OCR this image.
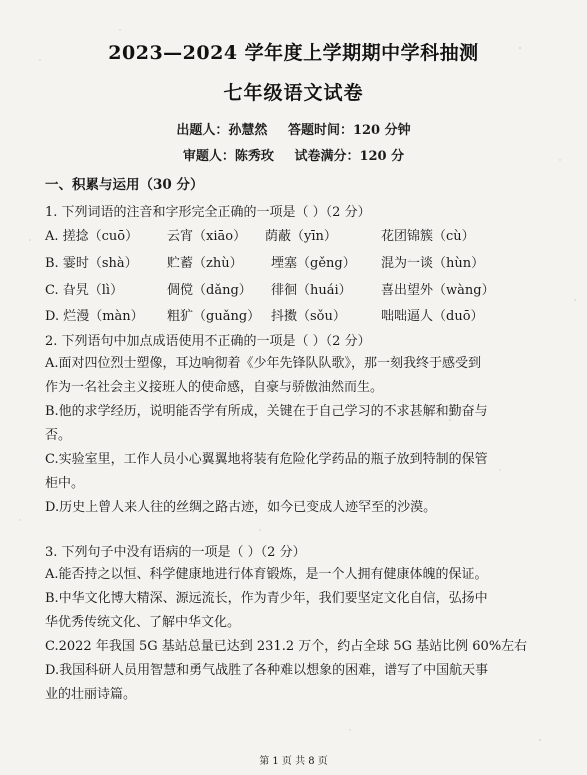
2023—2024 学年度上学期期中学科抽测
七年级语文试卷
出题人：孙慧然 答题时间：120 分钟
审题人：陈秀玫 试卷满分：120 分
一、积累与运用（30 分）
1. 下列词语的注音和字形完全正确的一项是（ ）（2 分）
A. 搓捻（cuō） 云宵（xiāo） 荫蔽（yīn）	花团锦簇（cù）
B. 霎时（shà） 贮蓄（zhù） 堙塞（gěng） 混为一谈（hùn）
C. 旮旯（lì）	倜傥（dǎng） 徘徊（huái） 喜出望外（wàng）
D. 烂漫（màn） 粗犷（guǎng） 抖擞（sǒu）	咄咄逼人（duō）
2. 下列语句中加点成语使用不正确的一项是（ ）（2 分）
A.面对四位烈士塑像，耳边响彻着《少年先锋队队歌》，那一刻我终于感受到
作为一名社会主义接班人的使命感，自豪与骄傲油然而生。
B.他的求学经历，说明能否学有所成，关键在于自己学习的不求甚解和勤奋与
否。
C.实验室里，工作人员小心翼翼地将装有危险化学药品的瓶子放到特制的保管
柜中。
D.历史上曾人来人往的丝绸之路古迹，如今已变成人迹罕至的沙漠。
3. 下列句子中没有语病的一项是（ ）（2 分）
A.能否持之以恒、科学健康地进行体育锻炼，是一个人拥有健康体魄的保证。
B.中华文化博大精深、源远流长，作为青少年，我们要坚定文化自信，弘扬中
华优秀传统文化、了解中华文化。
C.2022 年我国 5G 基站总量已达到 231.2 万个，约占全球 5G 基站比例 60%左右
D.我国科研人员用智慧和勇气战胜了各种难以想象的困难，谱写了中国航天事
业的壮丽诗篇。
第 1 页 共 8 页
